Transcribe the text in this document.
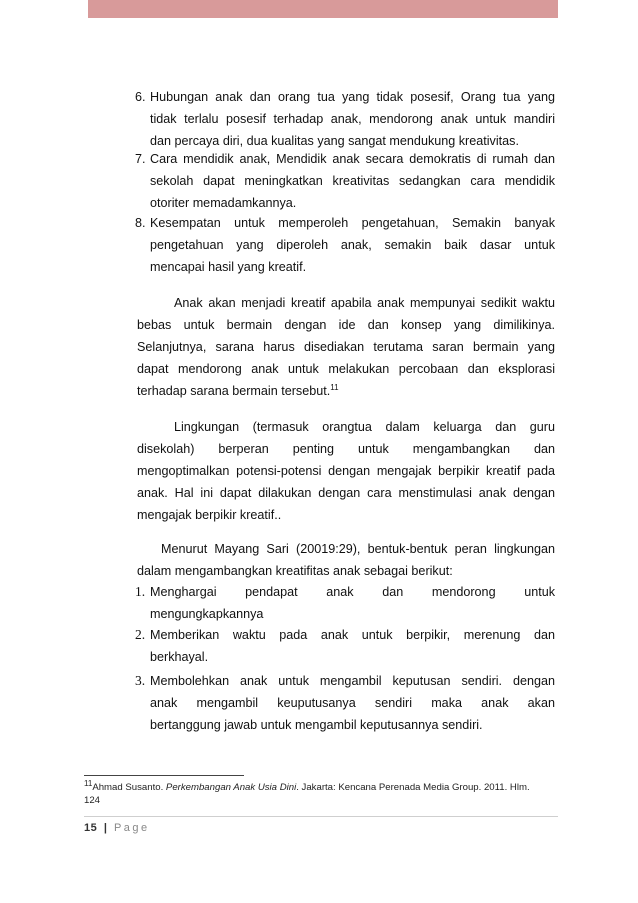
6. Hubungan anak dan orang tua yang tidak posesif, Orang tua yang
tidak terlalu posesif terhadap anak, mendorong anak untuk mandiri
dan percaya diri, dua kualitas yang sangat mendukung kreativitas.
7. Cara mendidik anak, Mendidik anak secara demokratis di rumah dan
sekolah dapat meningkatkan kreativitas sedangkan cara mendidik
otoriter memadamkannya.
8. Kesempatan untuk memperoleh pengetahuan, Semakin banyak
pengetahuan yang diperoleh anak, semakin baik dasar untuk
mencapai hasil yang kreatif.
Anak akan menjadi kreatif apabila anak mempunyai sedikit waktu
bebas untuk bermain dengan ide dan konsep yang dimilikinya.
Selanjutnya, sarana harus disediakan terutama saran bermain yang
dapat mendorong anak untuk melakukan percobaan dan eksplorasi
terhadap sarana bermain tersebut.$^{11}$
Lingkungan (termasuk orangtua dalam keluarga dan guru
disekolah) berperan penting untuk mengambangkan dan
mengoptimalkan potensi-potensi dengan mengajak berpikir kreatif pada
anak. Hal ini dapat dilakukan dengan cara menstimulasi anak dengan
mengajak berpikir kreatif..
Menurut Mayang Sari (20019:29), bentuk-bentuk peran lingkungan
dalam mengambangkan kreatifitas anak sebagai berikut:
1. Menghargai pendapat anak dan mendorong untuk
mengungkapkannya
2. Memberikan waktu pada anak untuk berpikir, merenung dan
berkhayal.
3. Membolehkan anak untuk mengambil keputusan sendiri. dengan
anak mengambil keuputusanya sendiri maka anak akan
bertanggung jawab untuk mengambil keputusannya sendiri.
$^{11}$Ahmad Susanto. Perkembangan Anak Usia Dini. Jakarta: Kencana Perenada Media Group. 2011. Hlm.
124
15 | Page
